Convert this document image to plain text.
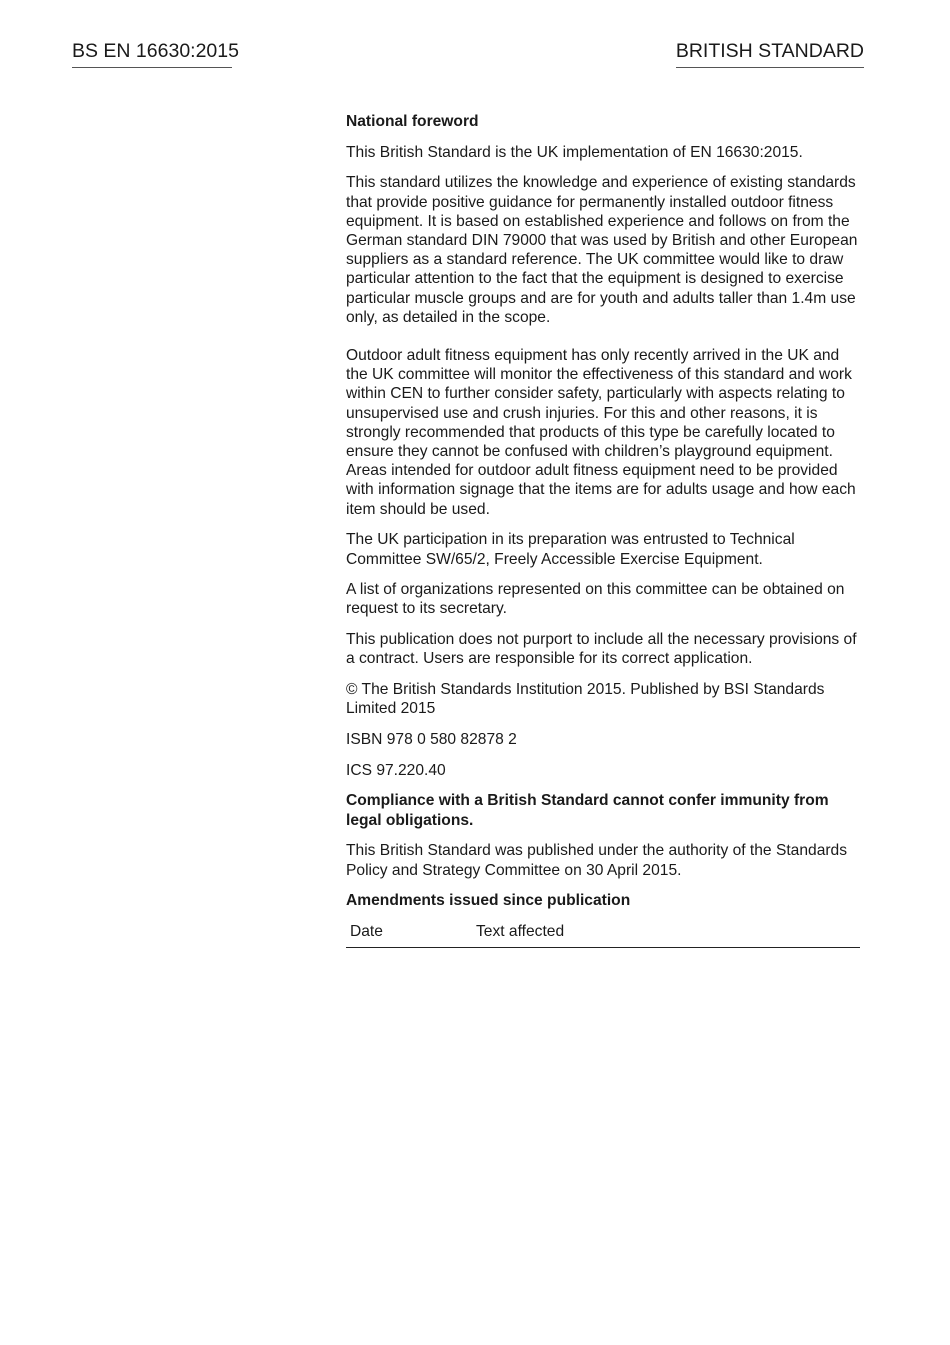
BS EN 16630:2015	BRITISH STANDARD

National foreword

This British Standard is the UK implementation of EN 16630:2015.

This standard utilizes the knowledge and experience of existing standards that provide positive guidance for permanently installed outdoor fitness equipment. It is based on established experience and follows on from the German standard DIN 79000 that was used by British and other European suppliers as a standard reference. The UK committee would like to draw particular attention to the fact that the equipment is designed to exercise particular muscle groups and are for youth and adults taller than 1.4m use only, as detailed in the scope.

Outdoor adult fitness equipment has only recently arrived in the UK and the UK committee will monitor the effectiveness of this standard and work within CEN to further consider safety, particularly with aspects relating to unsupervised use and crush injuries. For this and other reasons, it is strongly recommended that products of this type be carefully located to ensure they cannot be confused with children’s playground equipment. Areas intended for outdoor adult fitness equipment need to be provided with information signage that the items are for adults usage and how each item should be used.

The UK participation in its preparation was entrusted to Technical Committee SW/65/2, Freely Accessible Exercise Equipment.

A list of organizations represented on this committee can be obtained on request to its secretary.

This publication does not purport to include all the necessary provisions of a contract. Users are responsible for its correct application.

© The British Standards Institution 2015. Published by BSI Standards Limited 2015

ISBN 978 0 580 82878 2

ICS 97.220.40

Compliance with a British Standard cannot confer immunity from legal obligations.

This British Standard was published under the authority of the Standards Policy and Strategy Committee on 30 April 2015.

Amendments issued since publication

Date	Text affected
